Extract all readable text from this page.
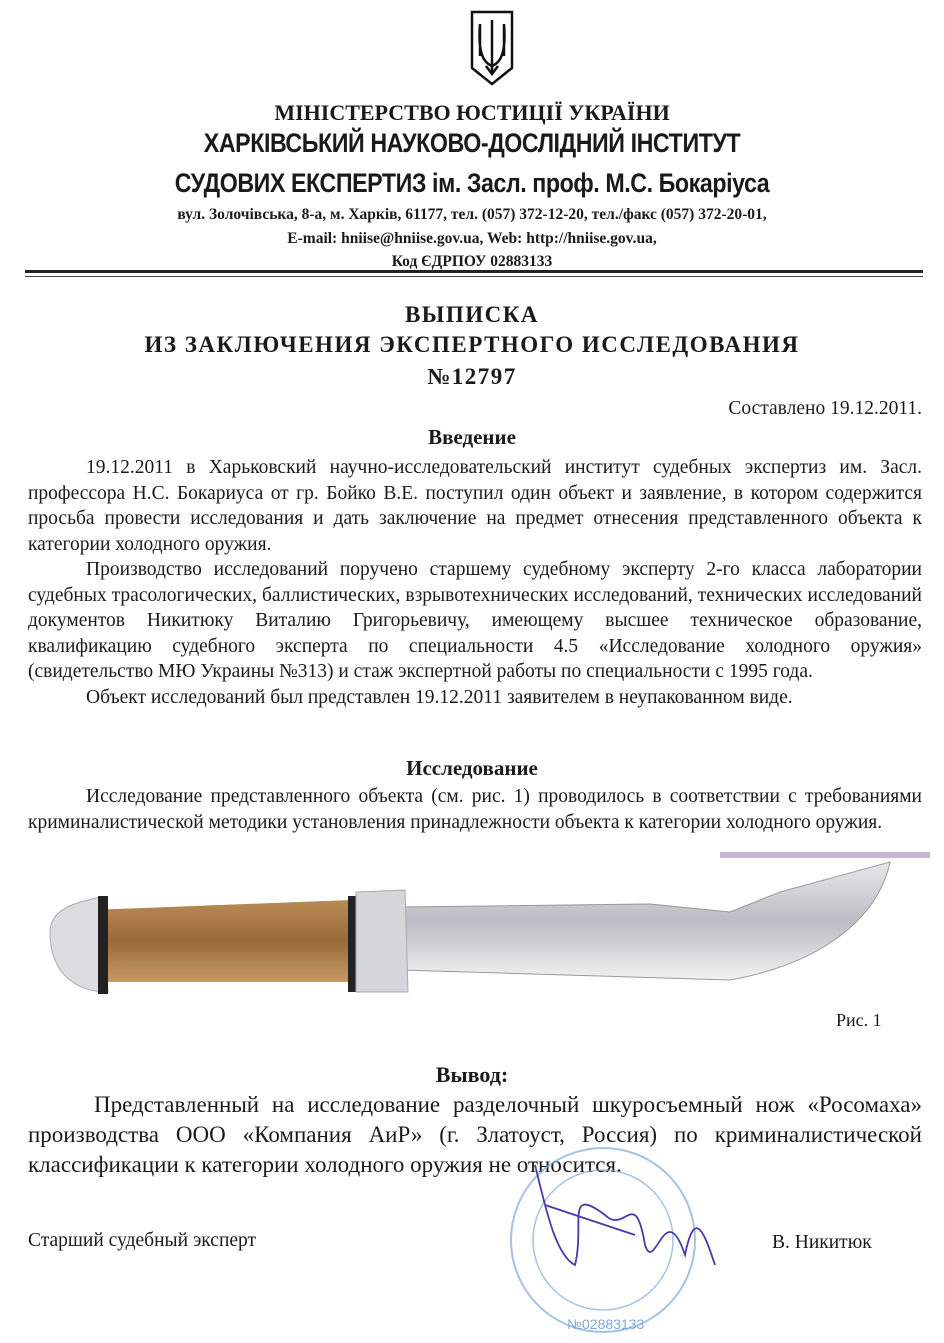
МІНІСТЕРСТВО ЮСТИЦІЇ УКРАЇНИ
ХАРКІВСЬКИЙ НАУКОВО-ДОСЛІДНИЙ ІНСТИТУТ
СУДОВИХ ЕКСПЕРТИЗ ім. Засл. проф. М.С. Бокаріуса
вул. Золочівська, 8-а, м. Харків, 61177, тел. (057) 372-12-20, тел./факс (057) 372-20-01,
E-mail: hniise@hniise.gov.ua, Web: http://hniise.gov.ua,
Код ЄДРПОУ 02883133
ВЫПИСКА
ИЗ ЗАКЛЮЧЕНИЯ ЭКСПЕРТНОГО ИССЛЕДОВАНИЯ
№12797
Составлено 19.12.2011.
Введение
19.12.2011 в Харьковский научно-исследовательский институт судебных экспертиз им. Засл. профессора Н.С. Бокариуса от гр. Бойко В.Е. поступил один объект и заявление, в котором содержится просьба провести исследования и дать заключение на предмет отнесения представленного объекта к категории холодного оружия.
Производство исследований поручено старшему судебному эксперту 2-го класса лаборатории судебных трасологических, баллистических, взрывотехнических исследований, технических исследований документов Никитюку Виталию Григорьевичу, имеющему высшее техническое образование, квалификацию судебного эксперта по специальности 4.5 «Исследование холодного оружия» (свидетельство МЮ Украины №313) и стаж экспертной работы по специальности с 1995 года.
Объект исследований был представлен 19.12.2011 заявителем в неупакованном виде.
Исследование
Исследование представленного объекта (см. рис. 1) проводилось в соответствии с требованиями криминалистической методики установления принадлежности объекта к категории холодного оружия.
Рис. 1
Вывод:
Представленный на исследование разделочный шкуросъемный нож «Росомаха» производства ООО «Компания АиР» (г. Златоуст, Россия) по криминалистической классификации к категории холодного оружия не относится.
Старший судебный эксперт	В. Никитюк
№02883133
